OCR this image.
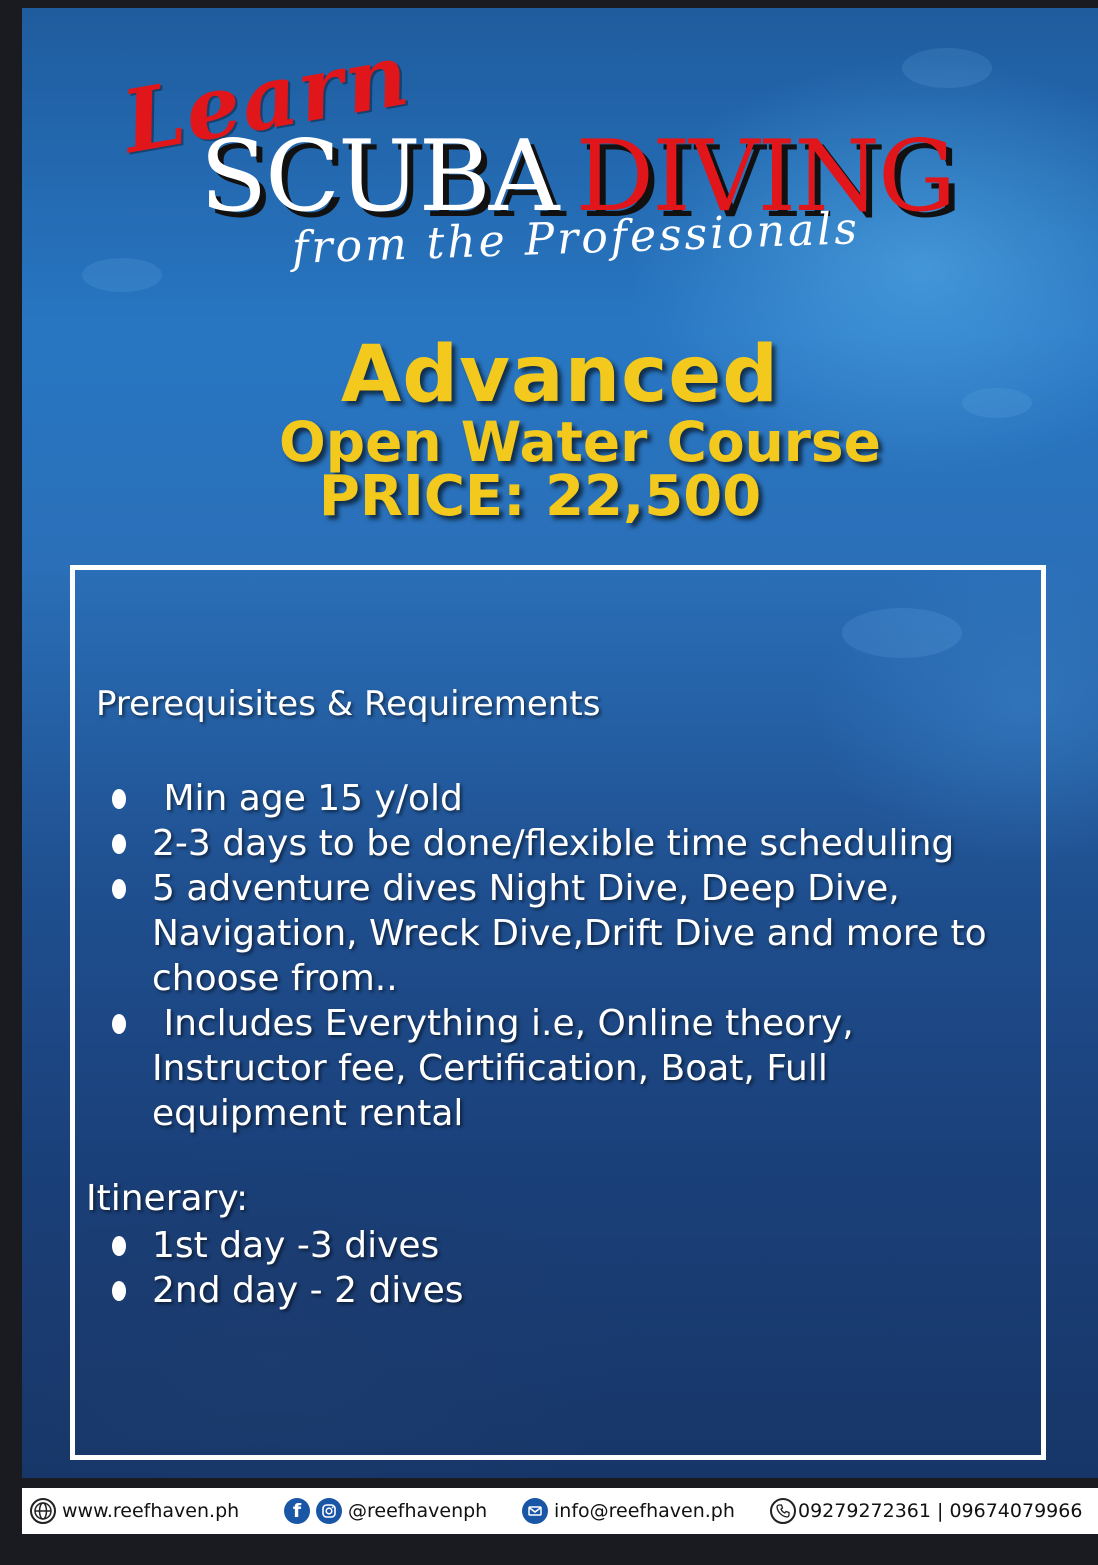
Learn
SCUBA DIVING
from the Professionals
Advanced
Open Water Course
PRICE: 22,500
Prerequisites & Requirements
Min age 15 y/old
2-3 days to be done/flexible time scheduling
5 adventure dives Night Dive, Deep Dive,
Navigation, Wreck Dive,Drift Dive and more to
choose from..
Includes Everything i.e, Online theory,
Instructor fee, Certification, Boat, Full
equipment rental
Itinerary:
1st day -3 dives
2nd day - 2 dives
www.reefhaven.ph	f	@reefhavenph	info@reefhaven.ph	09279272361 | 09674079966
